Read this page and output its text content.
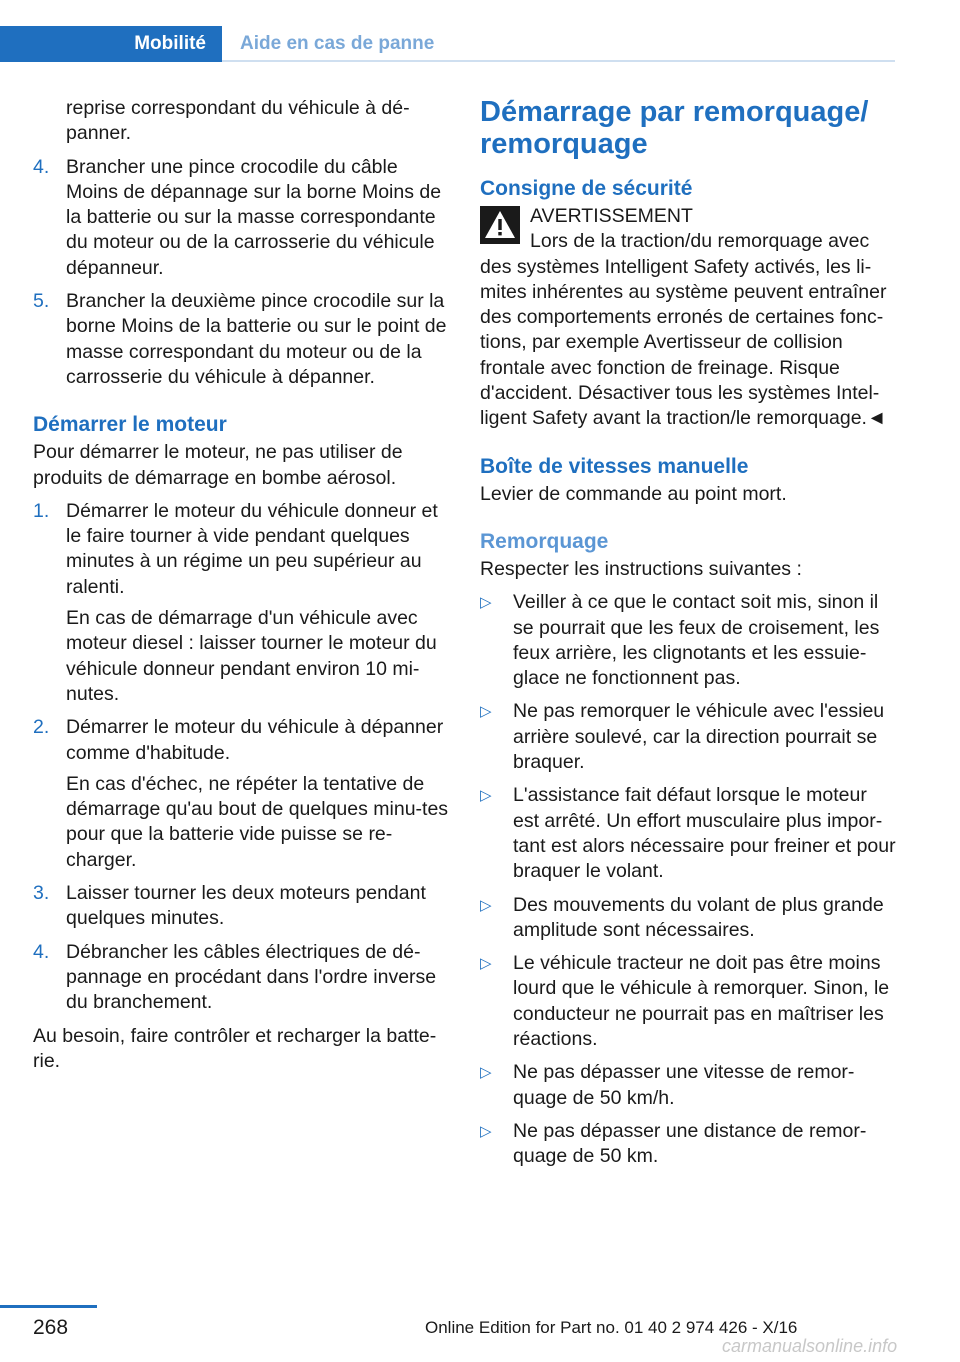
Mobilité	Aide en cas de panne

reprise correspondant du véhicule à dé-panner.

4. Brancher une pince crocodile du câble Moins de dépannage sur la borne Moins de la batterie ou sur la masse correspondante du moteur ou de la carrosserie du véhicule dépanneur.

5. Brancher la deuxième pince crocodile sur la borne Moins de la batterie ou sur le point de masse correspondant du moteur ou de la carrosserie du véhicule à dépanner.

Démarrer le moteur

Pour démarrer le moteur, ne pas utiliser de produits de démarrage en bombe aérosol.

1. Démarrer le moteur du véhicule donneur et le faire tourner à vide pendant quelques minutes à un régime un peu supérieur au ralenti.

En cas de démarrage d'un véhicule avec moteur diesel : laisser tourner le moteur du véhicule donneur pendant environ 10 mi-nutes.

2. Démarrer le moteur du véhicule à dépanner comme d'habitude.

En cas d'échec, ne répéter la tentative de démarrage qu'au bout de quelques minu-tes pour que la batterie vide puisse se re-charger.

3. Laisser tourner les deux moteurs pendant quelques minutes.

4. Débrancher les câbles électriques de dé-pannage en procédant dans l'ordre inverse du branchement.

Au besoin, faire contrôler et recharger la batte-rie.

Démarrage par remorquage/ remorquage
Consigne de sécurité
AVERTISSEMENT
Lors de la traction/du remorquage avec des systèmes Intelligent Safety activés, les li-mites inhérentes au système peuvent entraîner des comportements erronés de certaines fonc-tions, par exemple Avertisseur de collision frontale avec fonction de freinage. Risque d'accident. Désactiver tous les systèmes Intel-ligent Safety avant la traction/le remorquage.◄
Boîte de vitesses manuelle

Levier de commande au point mort.

Remorquage

Respecter les instructions suivantes :

▷ Veiller à ce que le contact soit mis, sinon il se pourrait que les feux de croisement, les feux arrière, les clignotants et les essuie-glace ne fonctionnent pas.
▷ Ne pas remorquer le véhicule avec l'essieu arrière soulevé, car la direction pourrait se braquer.
▷ L'assistance fait défaut lorsque le moteur est arrêté. Un effort musculaire plus impor-tant est alors nécessaire pour freiner et pour braquer le volant.
▷ Des mouvements du volant de plus grande amplitude sont nécessaires.
▷ Le véhicule tracteur ne doit pas être moins lourd que le véhicule à remorquer. Sinon, le conducteur ne pourrait pas en maîtriser les réactions.
▷ Ne pas dépasser une vitesse de remor-quage de 50 km/h.
▷ Ne pas dépasser une distance de remor-quage de 50 km.
268	Online Edition for Part no. 01 40 2 974 426 - X/16
carmanualsonline.info
